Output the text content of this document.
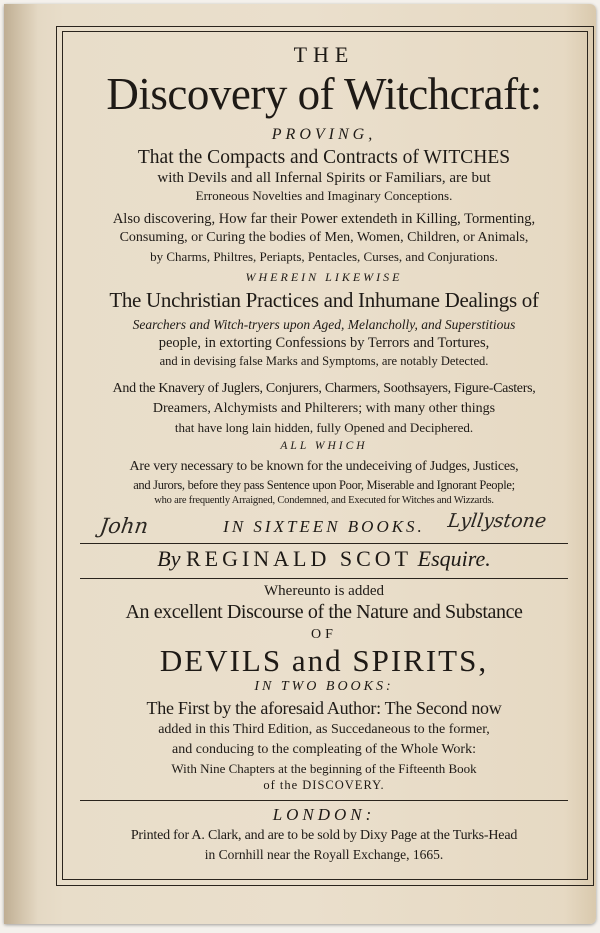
THE
Discovery of Witchcraft:
PROVING,
That the Compacts and Contracts of WITCHES
with Devils and all Infernal Spirits or Familiars, are but
Erroneous Novelties and Imaginary Conceptions.
Also discovering, How far their Power extendeth in Killing, Tormenting,
Consuming, or Curing the bodies of Men, Women, Children, or Animals,
by Charms, Philtres, Periapts, Pentacles, Curses, and Conjurations.
WHEREIN LIKEWISE
The Unchristian Practices and Inhumane Dealings of
Searchers and Witch-tryers upon Aged, Melancholly, and Superstitious
people, in extorting Confessions by Terrors and Tortures,
and in devising false Marks and Symptoms, are notably Detected.
And the Knavery of Juglers, Conjurers, Charmers, Soothsayers, Figure-Casters,
Dreamers, Alchymists and Philterers; with many other things
that have long lain hidden, fully Opened and Deciphered.
ALL WHICH
Are very necessary to be known for the undeceiving of Judges, Justices,
and Jurors, before they pass Sentence upon Poor, Miserable and Ignorant People;
who are frequently Arraigned, Condemned, and Executed for Witches and Wizzards.
IN SIXTEEN BOOKS.
John	Lyllystone
By REGINALD SCOT Esquire.
Whereunto is added
An excellent Discourse of the Nature and Substance
OF
DEVILS and SPIRITS,
IN TWO BOOKS:
The First by the aforesaid Author: The Second now
added in this Third Edition, as Succedaneous to the former,
and conducing to the compleating of the Whole Work:
With Nine Chapters at the beginning of the Fifteenth Book
of the DISCOVERY.
LONDON:
Printed for A. Clark, and are to be sold by Dixy Page at the Turks-Head
in Cornhill near the Royall Exchange, 1665.
